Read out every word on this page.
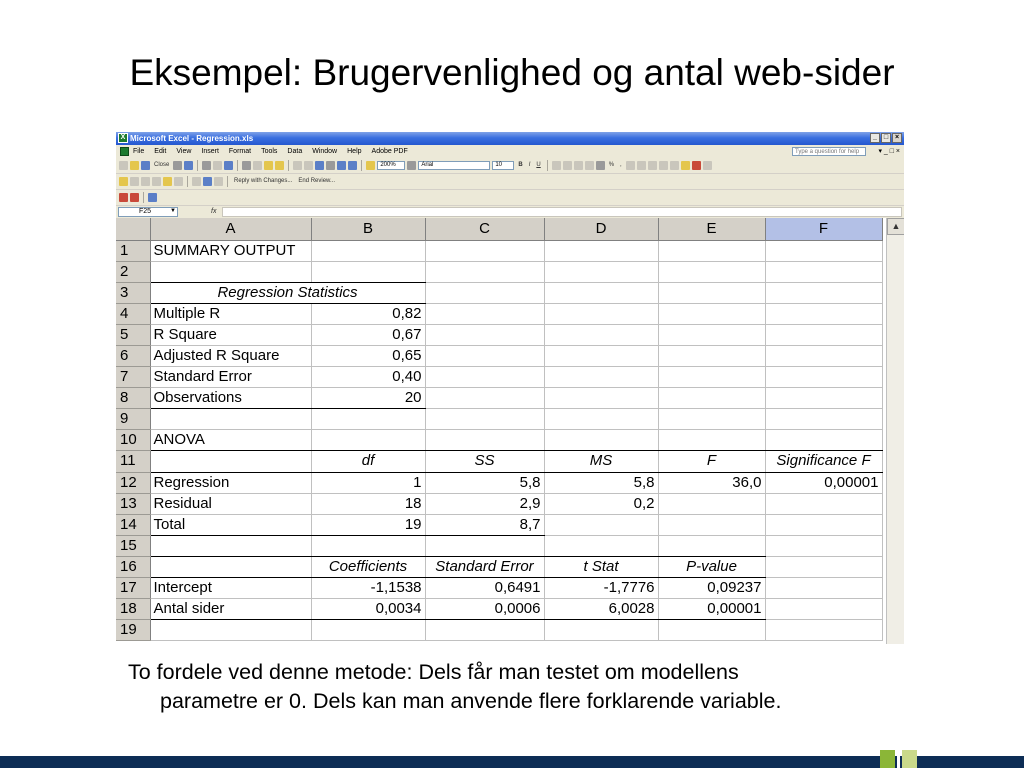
Eksempel: Brugervenlighed og antal web-sider
X Microsoft Excel - Regression.xls	_ □ ×
File Edit View Insert Format Tools Data Window Help Adobe PDF	Type a question for help	▾ _ □ ×
Close	200%	Arial	10	B	I	U	%	,
Reply with Changes...	End Review...
F25	▼	fx
	A	B	C	D	E	F
1	SUMMARY OUTPUT					
2						
3	Regression Statistics					
4	Multiple R	0,82				
5	R Square	0,67				
6	Adjusted R Square	0,65				
7	Standard Error	0,40				
8	Observations	20				
9						
10	ANOVA					
11		df	SS	MS	F	Significance F
12	Regression	1	5,8	5,8	36,0	0,00001
13	Residual	18	2,9	0,2		
14	Total	19	8,7			
15						
16		Coefficients	Standard Error	t Stat	P-value	
17	Intercept	-1,1538	0,6491	-1,7776	0,09237	
18	Antal sider	0,0034	0,0006	6,0028	0,00001	
19						
▲
To fordele ved denne metode: Dels får man testet om modellens
parametre er 0. Dels kan man anvende flere forklarende variable.
